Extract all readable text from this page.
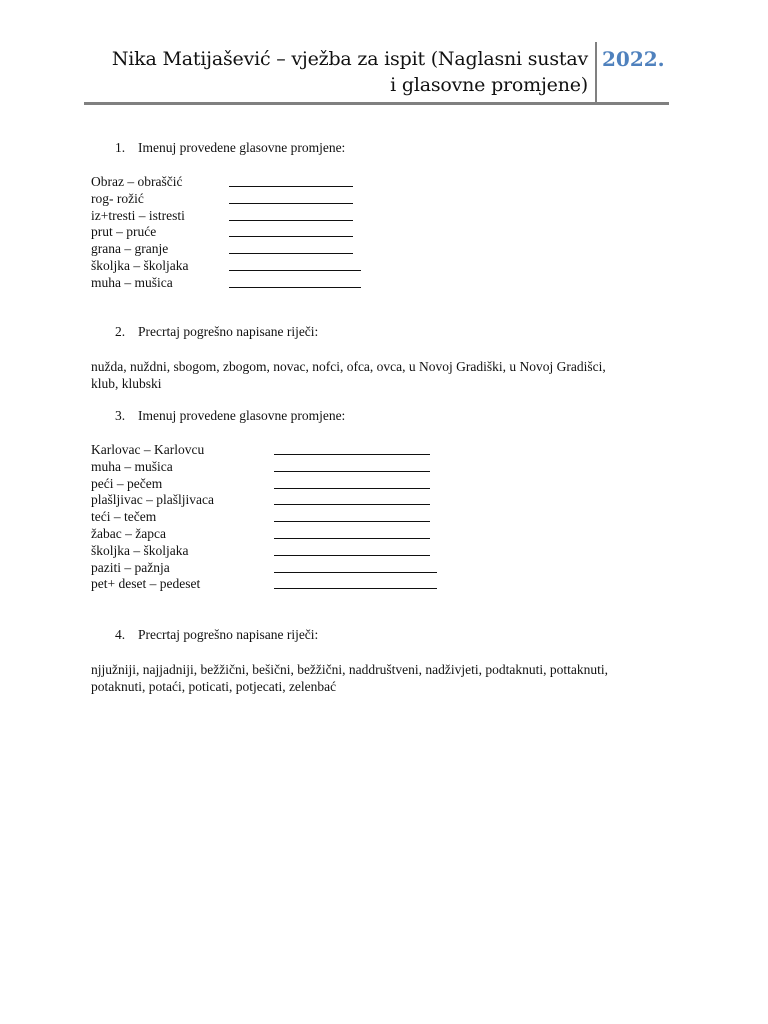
Nika Matijašević – vježba za ispit (Naglasni sustav
i glasovne promjene)
2022.
1. Imenuj provedene glasovne promjene:
Obraz – obraščić
rog- rožić
iz+tresti – istresti
prut – pruće
grana – granje
školjka – školjaka
muha – mušica
2. Precrtaj pogrešno napisane riječi:
nužda, nuždni, sbogom, zbogom, novac, nofci, ofca, ovca, u Novoj Gradiški, u Novoj Gradišci, klub, klubski
3. Imenuj provedene glasovne promjene:
Karlovac – Karlovcu
muha – mušica
peći – pečem
plašljivac – plašljivaca
teći – tečem
žabac – žapca
školjka – školjaka
paziti – pažnja
pet+ deset – pedeset
4. Precrtaj pogrešno napisane riječi:
njjužniji, najjadniji, bežžični, bešični, bežžični, naddruštveni, nadživjeti, podtaknuti, pottaknuti, potaknuti, potaći, poticati, potjecati, zelenbać
